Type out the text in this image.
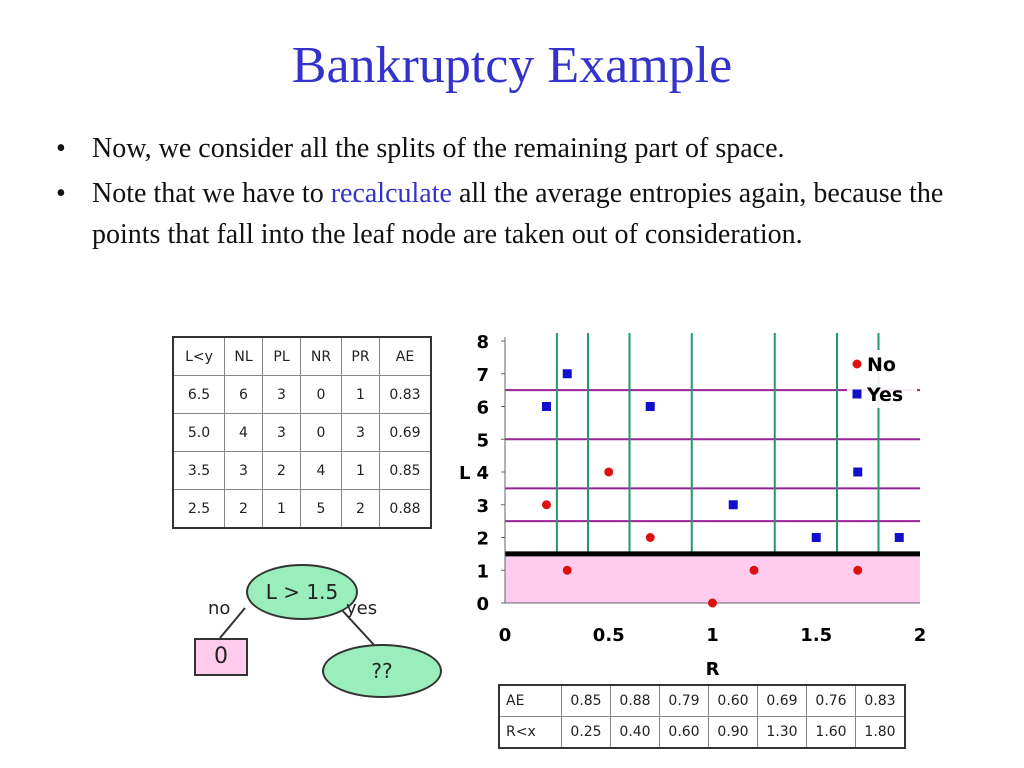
Bankruptcy Example
• Now, we consider all the splits of the remaining part of space.
• Note that we have to recalculate all the average entropies again, because the points that fall into the leaf node are taken out of consideration.
L<y	NL	PL	NR	PR	AE
6.5	6	3	0	1	0.83
5.0	4	3	0	3	0.69
3.5	3	2	4	1	0.85
2.5	2	1	5	2	0.88
L > 1.5
no	yes
0
??
0
1
2
3
4
5
6
7
8
0	0.5	1	1.5	2
R
L
No
Yes
AE	0.85	0.88	0.79	0.60	0.69	0.76	0.83
R<x	0.25	0.40	0.60	0.90	1.30	1.60	1.80
